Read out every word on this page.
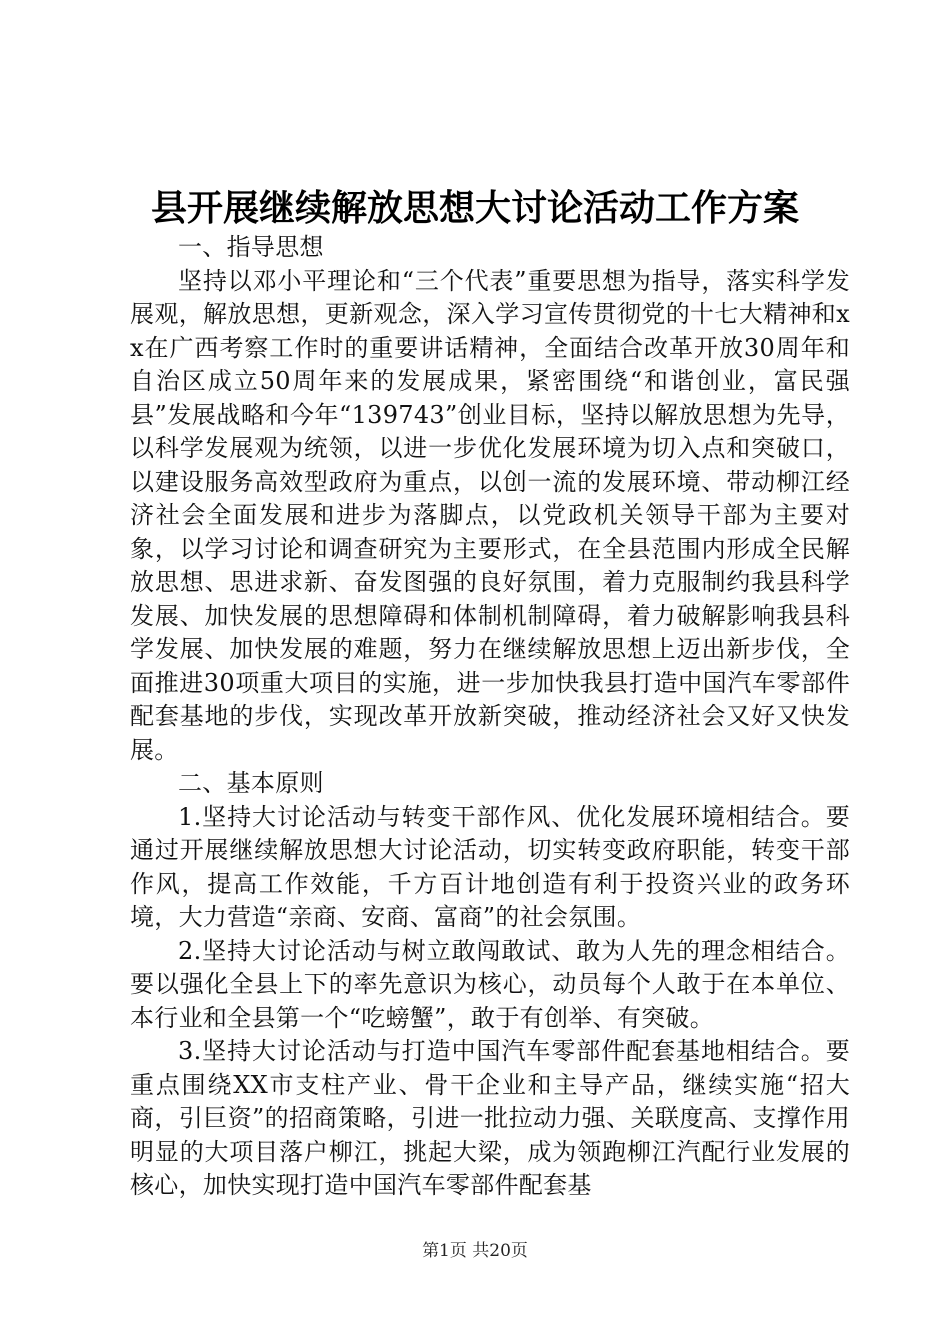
县开展继续解放思想大讨论活动工作方案

一、指导思想

坚持以邓小平理论和“三个代表”重要思想为指导，落实科学发展观，解放思想，更新观念，深入学习宣传贯彻党的十七大精神和xx在广西考察工作时的重要讲话精神，全面结合改革开放30周年和自治区成立50周年来的发展成果，紧密围绕“和谐创业，富民强县”发展战略和今年“139743”创业目标，坚持以解放思想为先导，以科学发展观为统领，以进一步优化发展环境为切入点和突破口，以建设服务高效型政府为重点，以创一流的发展环境、带动柳江经济社会全面发展和进步为落脚点，以党政机关领导干部为主要对象，以学习讨论和调查研究为主要形式，在全县范围内形成全民解放思想、思进求新、奋发图强的良好氛围，着力克服制约我县科学发展、加快发展的思想障碍和体制机制障碍，着力破解影响我县科学发展、加快发展的难题，努力在继续解放思想上迈出新步伐，全面推进30项重大项目的实施，进一步加快我县打造中国汽车零部件配套基地的步伐，实现改革开放新突破，推动经济社会又好又快发展。

二、基本原则

1.坚持大讨论活动与转变干部作风、优化发展环境相结合。要通过开展继续解放思想大讨论活动，切实转变政府职能，转变干部作风，提高工作效能，千方百计地创造有利于投资兴业的政务环境，大力营造“亲商、安商、富商”的社会氛围。

2.坚持大讨论活动与树立敢闯敢试、敢为人先的理念相结合。要以强化全县上下的率先意识为核心，动员每个人敢于在本单位、本行业和全县第一个“吃螃蟹”，敢于有创举、有突破。

3.坚持大讨论活动与打造中国汽车零部件配套基地相结合。要重点围绕XX市支柱产业、骨干企业和主导产品，继续实施“招大商，引巨资”的招商策略，引进一批拉动力强、关联度高、支撑作用明显的大项目落户柳江，挑起大梁，成为领跑柳江汽配行业发展的核心，加快实现打造中国汽车零部件配套基

第1页 共20页
